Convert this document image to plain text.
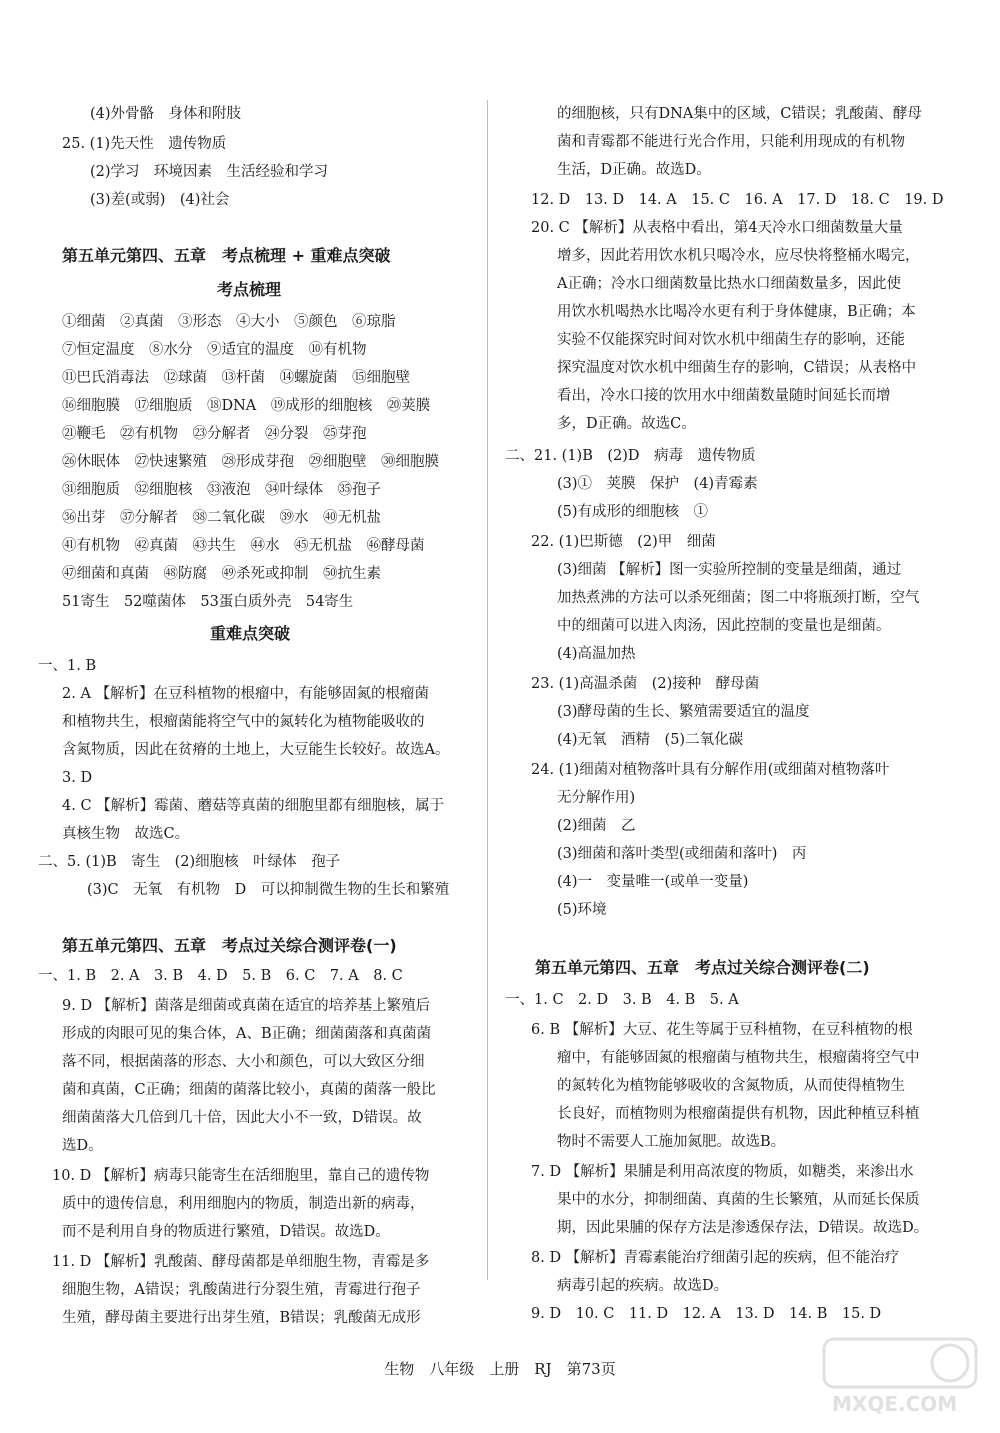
(4)外骨骼　身体和附肢
25. (1)先天性　遗传物质
(2)学习　环境因素　生活经验和学习
(3)差(或弱)　(4)社会
第五单元第四、五章　考点梳理 + 重难点突破
考点梳理
①细菌　②真菌　③形态　④大小　⑤颜色　⑥琼脂
⑦恒定温度　⑧水分　⑨适宜的温度　⑩有机物
⑪巴氏消毒法　⑫球菌　⑬杆菌　⑭螺旋菌　⑮细胞壁
⑯细胞膜　⑰细胞质　⑱DNA　⑲成形的细胞核　⑳荚膜
㉑鞭毛　㉒有机物　㉓分解者　㉔分裂　㉕芽孢
㉖休眠体　㉗快速繁殖　㉘形成芽孢　㉙细胞壁　㉚细胞膜
㉛细胞质　㉜细胞核　㉝液泡　㉞叶绿体　㉟孢子
㊱出芽　㊲分解者　㊳二氧化碳　㊴水　㊵无机盐
㊶有机物　㊷真菌　㊸共生　㊹水　㊺无机盐　㊻酵母菌
㊼细菌和真菌　㊽防腐　㊾杀死或抑制　㊿抗生素
51寄生　52噬菌体　53蛋白质外壳　54寄生
重难点突破
一、1. B
2. A 【解析】在豆科植物的根瘤中，有能够固氮的根瘤菌
和植物共生，根瘤菌能将空气中的氮转化为植物能吸收的
含氮物质，因此在贫瘠的土地上，大豆能生长较好。故选A。
3. D
4. C 【解析】霉菌、蘑菇等真菌的细胞里都有细胞核，属于
真核生物　故选C。
二、5. (1)B　寄生　(2)细胞核　叶绿体　孢子
(3)C　无氧　有机物　D　可以抑制微生物的生长和繁殖
第五单元第四、五章　考点过关综合测评卷(一)
一、1. B　2. A　3. B　4. D　5. B　6. C　7. A　8. C
9. D 【解析】菌落是细菌或真菌在适宜的培养基上繁殖后
形成的肉眼可见的集合体，A、B正确；细菌菌落和真菌菌
落不同，根据菌落的形态、大小和颜色，可以大致区分细
菌和真菌，C正确；细菌的菌落比较小，真菌的菌落一般比
细菌菌落大几倍到几十倍，因此大小不一致，D错误。故
选D。
10. D 【解析】病毒只能寄生在活细胞里，靠自己的遗传物
质中的遗传信息，利用细胞内的物质，制造出新的病毒，
而不是利用自身的物质进行繁殖，D错误。故选D。
11. D 【解析】乳酸菌、酵母菌都是单细胞生物，青霉是多
细胞生物，A错误；乳酸菌进行分裂生殖，青霉进行孢子
生殖，酵母菌主要进行出芽生殖，B错误；乳酸菌无成形
的细胞核，只有DNA集中的区域，C错误；乳酸菌、酵母
菌和青霉都不能进行光合作用，只能利用现成的有机物
生活，D正确。故选D。
12. D　13. D　14. A　15. C　16. A　17. D　18. C　19. D
20. C 【解析】从表格中看出，第4天冷水口细菌数量大量
增多，因此若用饮水机只喝冷水，应尽快将整桶水喝完，
A正确；冷水口细菌数量比热水口细菌数量多，因此使
用饮水机喝热水比喝冷水更有利于身体健康，B正确；本
实验不仅能探究时间对饮水机中细菌生存的影响，还能
探究温度对饮水机中细菌生存的影响，C错误；从表格中
看出，冷水口接的饮用水中细菌数量随时间延长而增
多，D正确。故选C。
二、21. (1)B　(2)D　病毒　遗传物质
(3)①　荚膜　保护　(4)青霉素
(5)有成形的细胞核　①
22. (1)巴斯德　(2)甲　细菌
(3)细菌 【解析】图一实验所控制的变量是细菌，通过
加热煮沸的方法可以杀死细菌；图二中将瓶颈打断，空气
中的细菌可以进入肉汤，因此控制的变量也是细菌。
(4)高温加热
23. (1)高温杀菌　(2)接种　酵母菌
(3)酵母菌的生长、繁殖需要适宜的温度
(4)无氧　酒精　(5)二氧化碳
24. (1)细菌对植物落叶具有分解作用(或细菌对植物落叶
无分解作用)
(2)细菌　乙
(3)细菌和落叶类型(或细菌和落叶)　丙
(4)一　变量唯一(或单一变量)
(5)环境
第五单元第四、五章　考点过关综合测评卷(二)
一、1. C　2. D　3. B　4. B　5. A
6. B 【解析】大豆、花生等属于豆科植物，在豆科植物的根
瘤中，有能够固氮的根瘤菌与植物共生，根瘤菌将空气中
的氮转化为植物能够吸收的含氮物质，从而使得植物生
长良好，而植物则为根瘤菌提供有机物，因此种植豆科植
物时不需要人工施加氮肥。故选B。
7. D 【解析】果脯是利用高浓度的物质，如糖类，来渗出水
果中的水分，抑制细菌、真菌的生长繁殖，从而延长保质
期，因此果脯的保存方法是渗透保存法，D错误。故选D。
8. D 【解析】青霉素能治疗细菌引起的疾病，但不能治疗
病毒引起的疾病。故选D。
9. D　10. C　11. D　12. A　13. D　14. B　15. D
生物　八年级　上册　RJ　第73页
MXQE.COM
